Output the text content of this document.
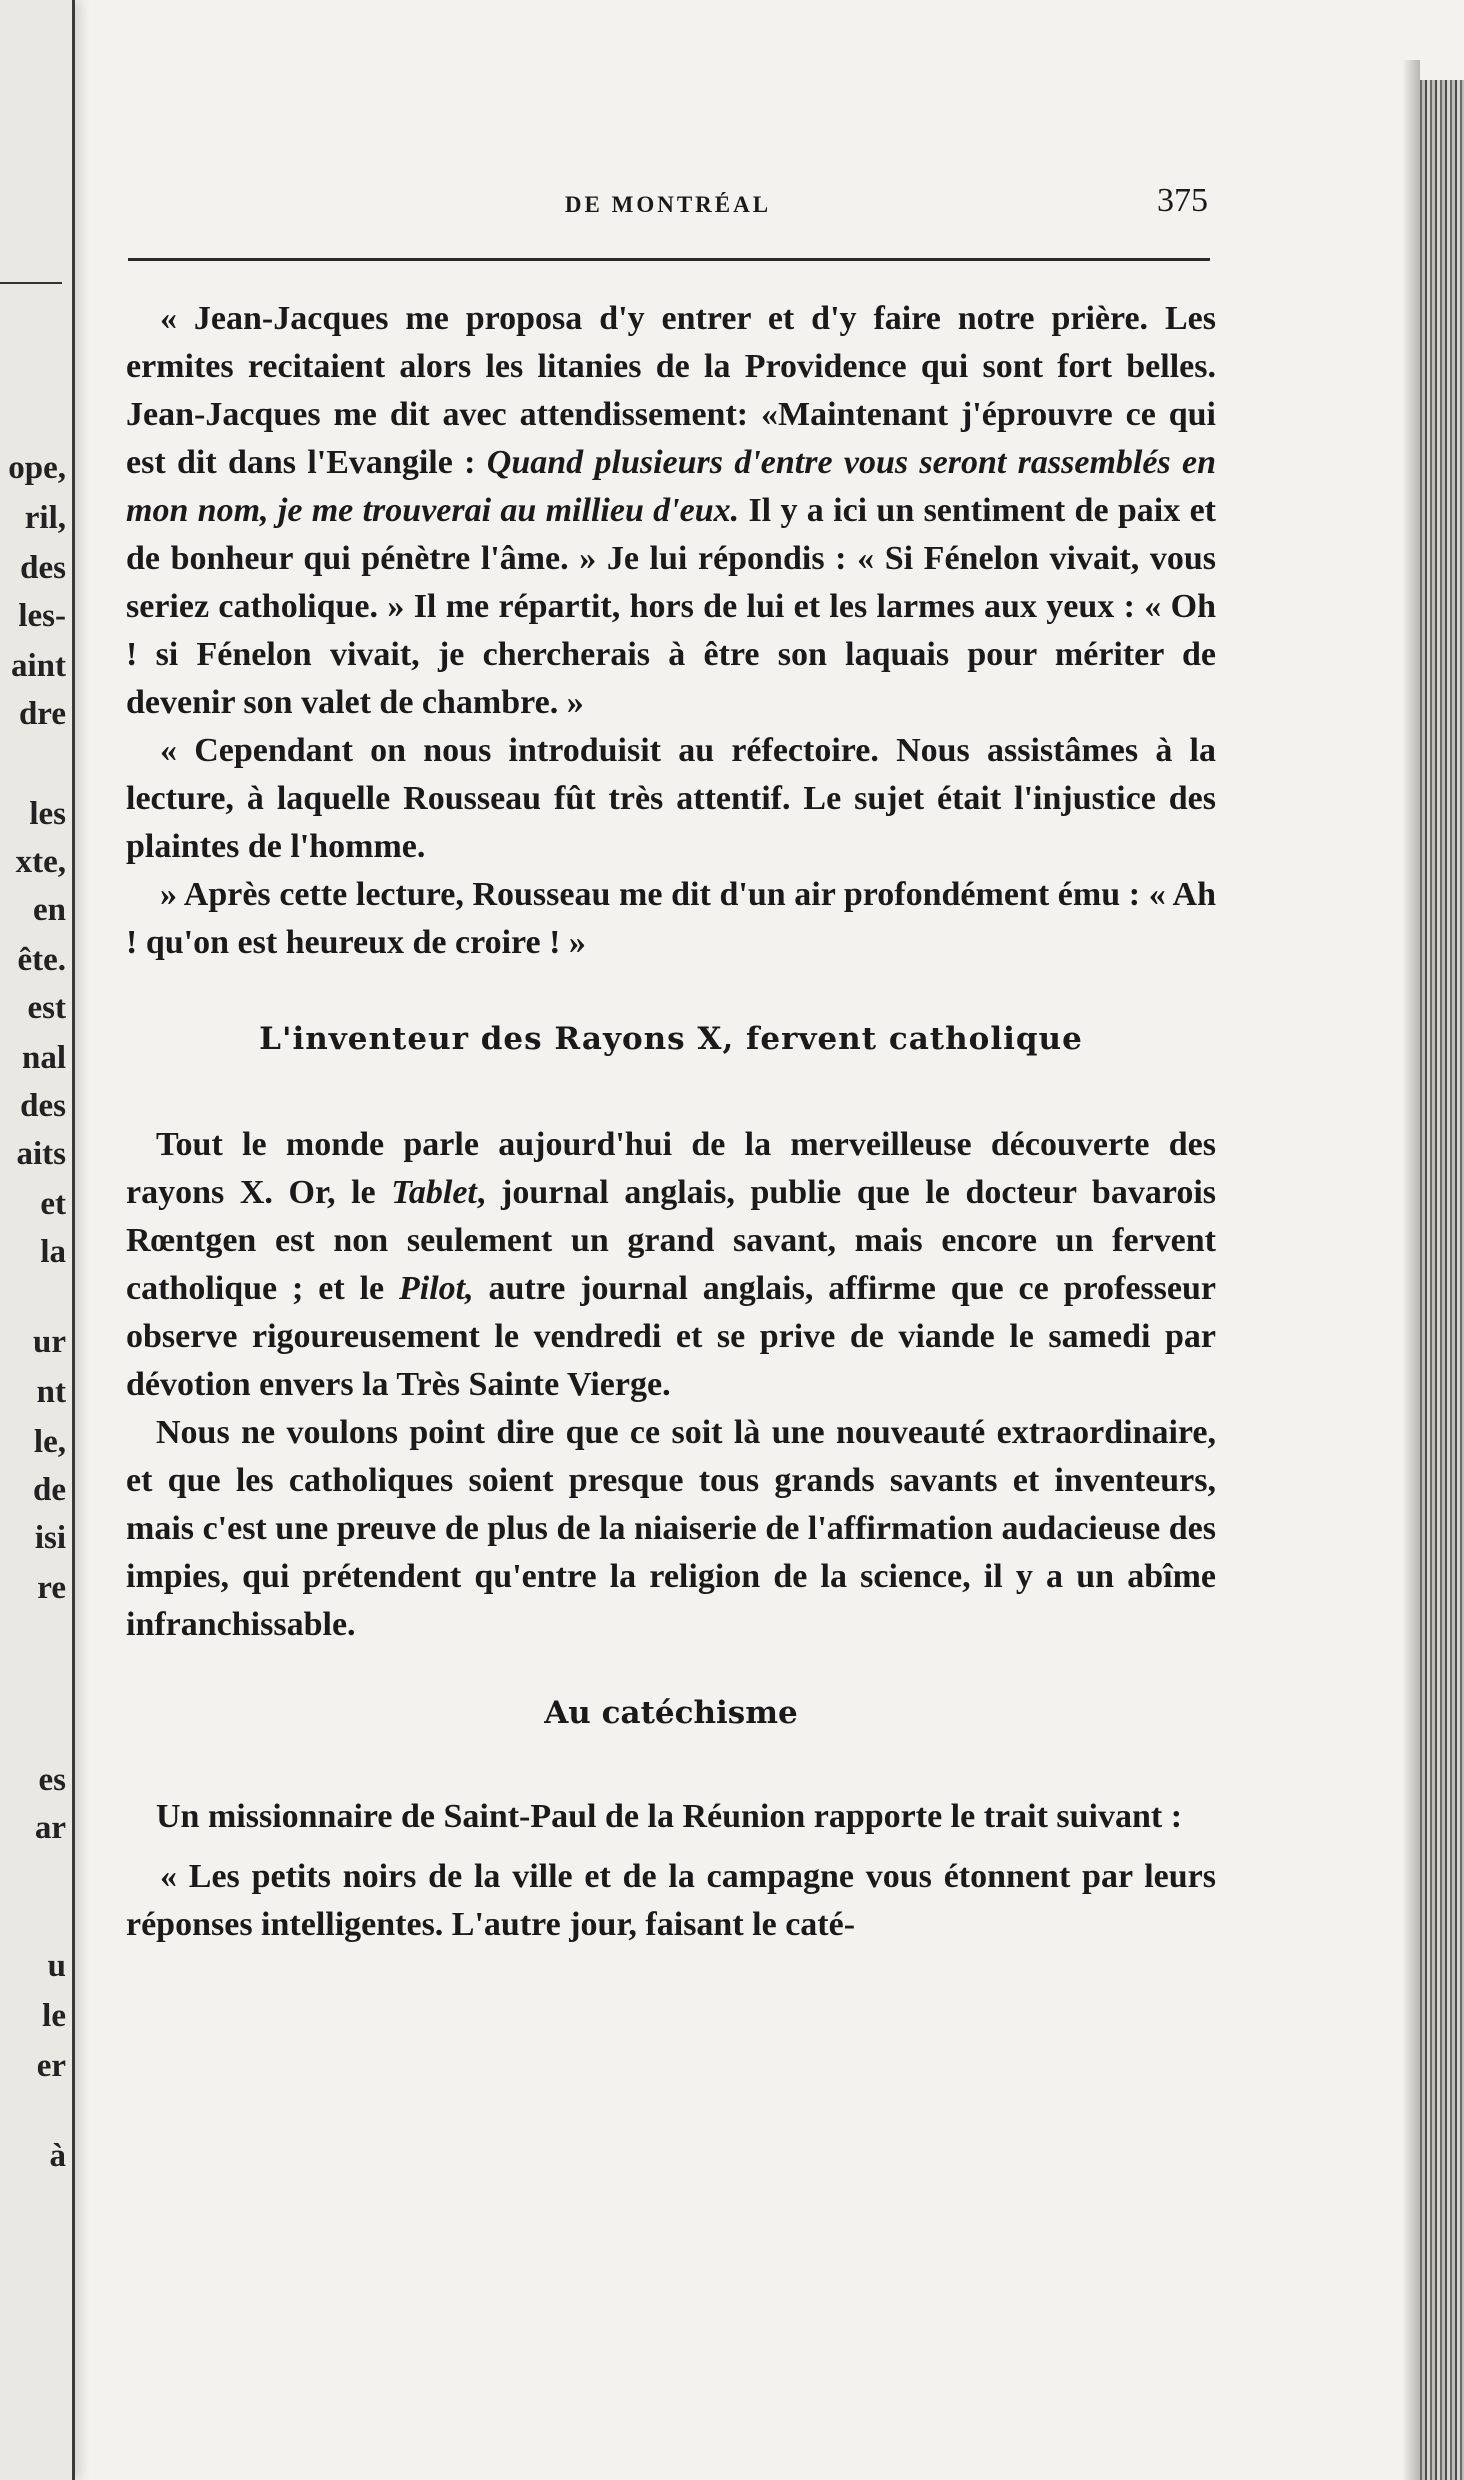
ope,
ril,
des
les-
aint
dre
les
xte,
en
ête.
est
nal
des
aits
et
la
ur
nt
le,
de
isi
re
es
ar
u
le
er
à
DE MONTRÉAL	375

« Jean-Jacques me proposa d'y entrer et d'y faire notre prière. Les ermites recitaient alors les litanies de la Providence qui sont fort belles. Jean-Jacques me dit avec attendissement: «Maintenant j'éprouvre ce qui est dit dans l'Evangile : Quand plusieurs d'entre vous seront rassemblés en mon nom, je me trouverai au millieu d'eux. Il y a ici un sentiment de paix et de bonheur qui pénètre l'âme. » Je lui répondis : « Si Fénelon vivait, vous seriez catholique. » Il me répartit, hors de lui et les larmes aux yeux : « Oh ! si Fénelon vivait, je chercherais à être son laquais pour mériter de devenir son valet de chambre. »

« Cependant on nous introduisit au réfectoire. Nous assistâmes à la lecture, à laquelle Rousseau fût très attentif. Le sujet était l'injustice des plaintes de l'homme.

» Après cette lecture, Rousseau me dit d'un air profondément ému : « Ah ! qu'on est heureux de croire ! »

L'inventeur des Rayons X, fervent catholique

Tout le monde parle aujourd'hui de la merveilleuse découverte des rayons X. Or, le Tablet, journal anglais, publie que le docteur bavarois Rœntgen est non seulement un grand savant, mais encore un fervent catholique ; et le Pilot, autre journal anglais, affirme que ce professeur observe rigoureusement le vendredi et se prive de viande le samedi par dévotion envers la Très Sainte Vierge.

Nous ne voulons point dire que ce soit là une nouveauté extraordinaire, et que les catholiques soient presque tous grands savants et inventeurs, mais c'est une preuve de plus de la niaiserie de l'affirmation audacieuse des impies, qui prétendent qu'entre la religion de la science, il y a un abîme infranchissable.

Au catéchisme

Un missionnaire de Saint-Paul de la Réunion rapporte le trait suivant :

« Les petits noirs de la ville et de la campagne vous étonnent par leurs réponses intelligentes. L'autre jour, faisant le caté-
